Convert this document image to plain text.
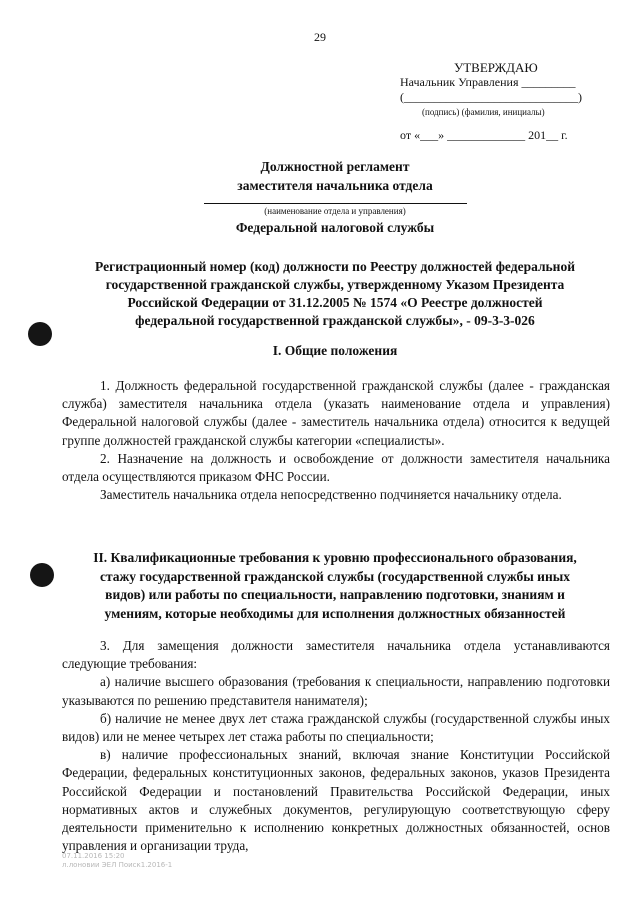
29
УТВЕРЖДАЮ
Начальник Управления _________
(_____________________________)
(подпись) (фамилия, инициалы)
от «___» _____________ 201__ г.
Должностной регламент
заместителя начальника отдела
(наименование отдела и управления)
Федеральной налоговой службы
Регистрационный номер (код) должности по Реестру должностей федеральной
государственной гражданской службы, утвержденному Указом Президента
Российской Федерации от 31.12.2005 № 1574 «О Реестре должностей
федеральной государственной гражданской службы», - 09-3-3-026
I. Общие положения

1. Должность федеральной государственной гражданской службы (далее - гражданская служба) заместителя начальника отдела (указать наименование отдела и управления) Федеральной налоговой службы (далее - заместитель начальника отдела) относится к ведущей группе должностей гражданской службы категории «специалисты».

2. Назначение на должность и освобождение от должности заместителя начальника отдела осуществляются приказом ФНС России.

Заместитель начальника отдела непосредственно подчиняется начальнику отдела.

II. Квалификационные требования к уровню профессионального образования,
стажу государственной гражданской службы (государственной службы иных
видов) или работы по специальности, направлению подготовки, знаниям и
умениям, которые необходимы для исполнения должностных обязанностей

3. Для замещения должности заместителя начальника отдела устанавливаются следующие требования:

а) наличие высшего образования (требования к специальности, направлению подготовки указываются по решению представителя нанимателя);

б) наличие не менее двух лет стажа гражданской службы (государственной службы иных видов) или не менее четырех лет стажа работы по специальности;

в) наличие профессиональных знаний, включая знание Конституции Российской Федерации, федеральных конституционных законов, федеральных законов, указов Президента Российской Федерации и постановлений Правительства Российской Федерации, иных нормативных актов и служебных документов, регулирующую соответствующую сферу деятельности применительно к исполнению конкретных должностных обязанностей, основ управления и организации труда,

07.11.2016 15:20
л.лоновии ЭЕЛ Поиск1.2016-1
